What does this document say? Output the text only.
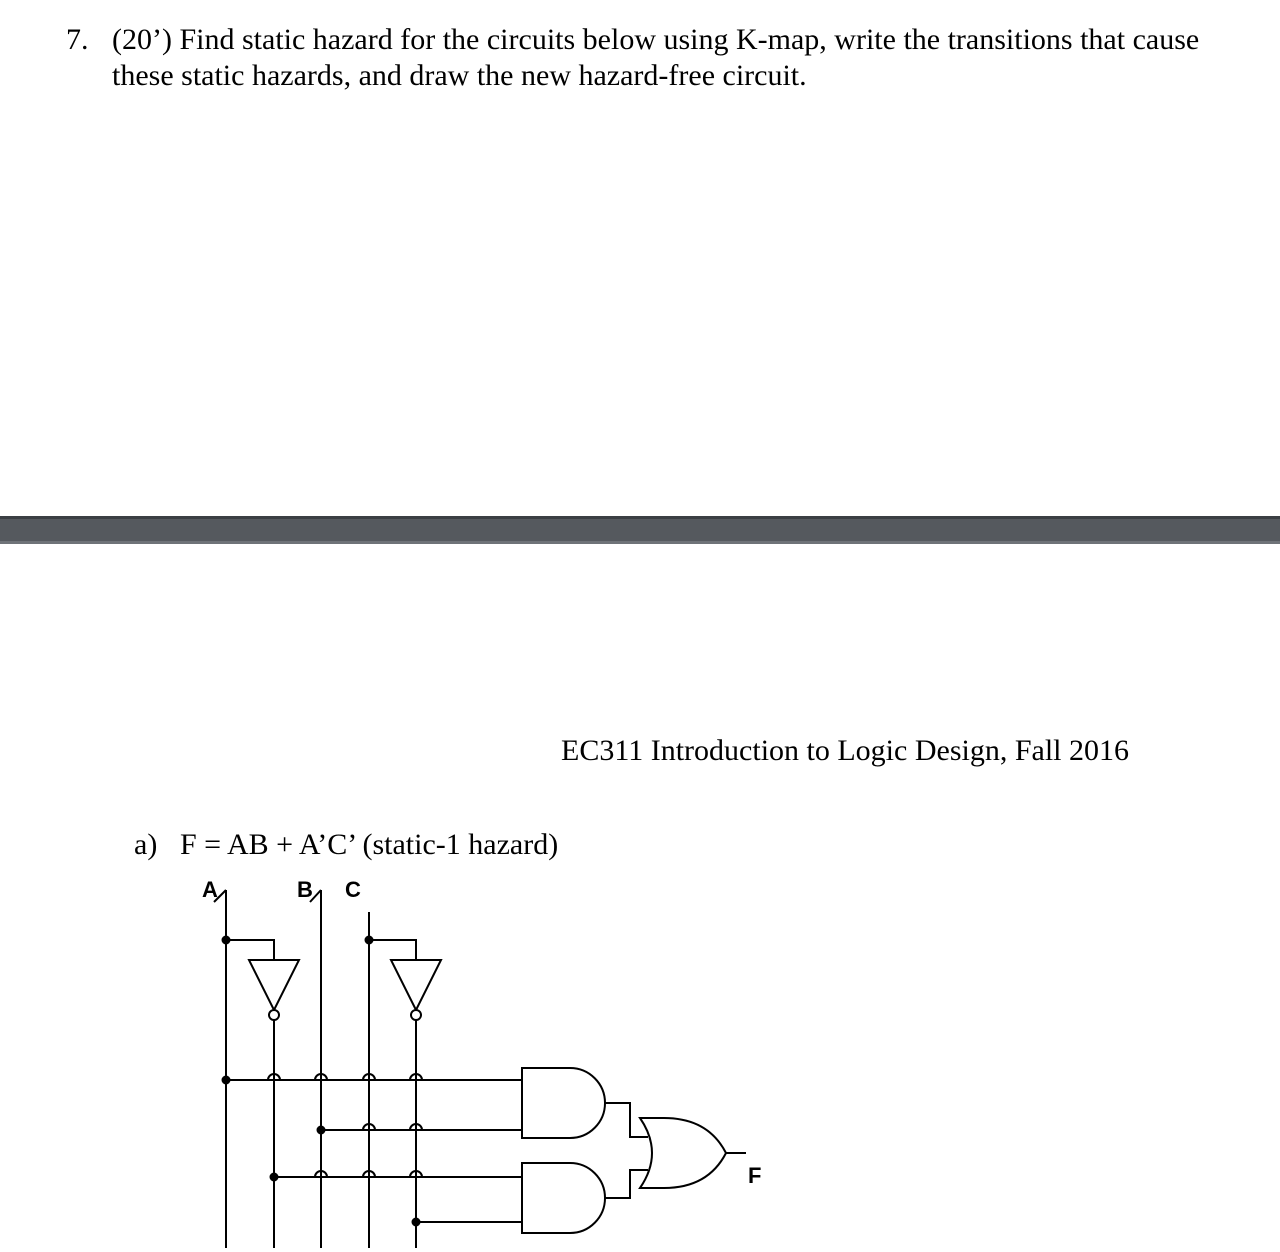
7. (20’) Find static hazard for the circuits below using K-map, write the transitions that cause these static hazards, and draw the new hazard-free circuit.
EC311 Introduction to Logic Design, Fall 2016
a) F = AB + A’C’ (static-1 hazard)
A	B C
F
